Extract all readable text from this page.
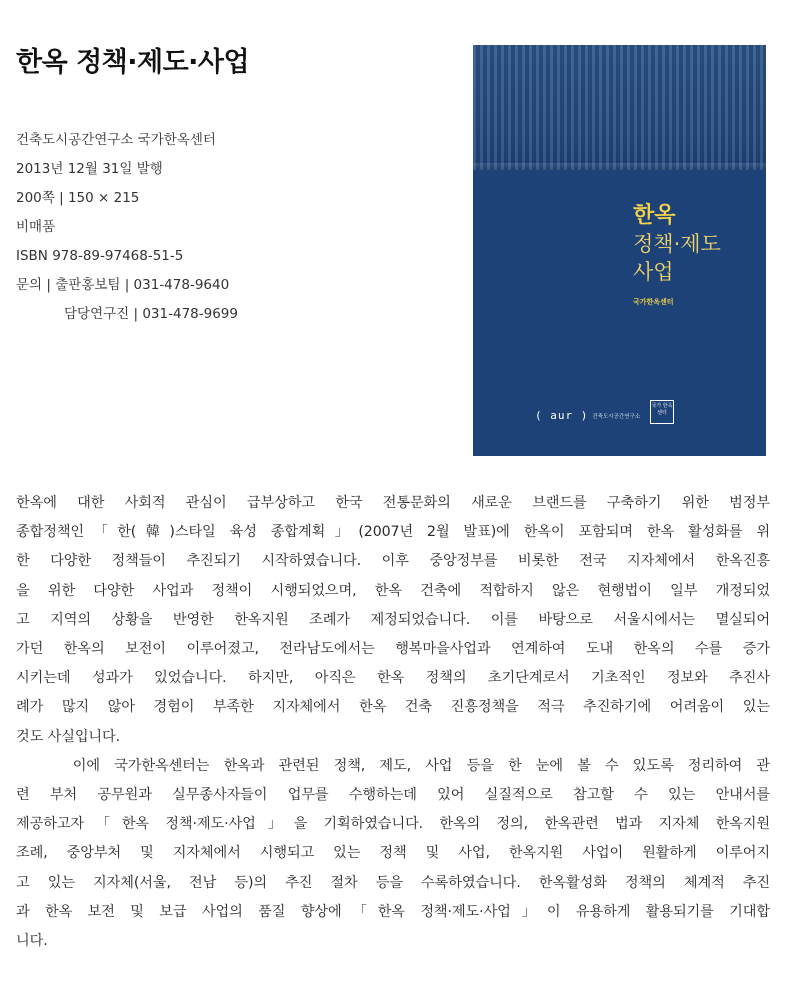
한옥 정책·제도·사업
건축도시공간연구소 국가한옥센터
2013년 12월 31일 발행
200쪽 | 150 × 215
비매품
ISBN 978-89-97468-51-5
문의 | 출판홍보팀 | 031-478-9640
담당연구진 | 031-478-9699
한옥
정책·제도
사업
국가한옥센터
( aur ) 건축도시공간연구소
국가 한옥 센터
한옥에 대한 사회적 관심이 급부상하고 한국 전통문화의 새로운 브랜드를 구축하기 위한 범정부
종합정책인「한(韓)스타일 육성 종합계획」(2007년 2월 발표)에 한옥이 포함되며 한옥 활성화를 위
한 다양한 정책들이 추진되기 시작하였습니다. 이후 중앙정부를 비롯한 전국 지자체에서 한옥진흥
을 위한 다양한 사업과 정책이 시행되었으며, 한옥 건축에 적합하지 않은 현행법이 일부 개정되었
고 지역의 상황을 반영한 한옥지원 조례가 제정되었습니다. 이를 바탕으로 서울시에서는 멸실되어
가던 한옥의 보전이 이루어졌고, 전라남도에서는 행복마을사업과 연계하여 도내 한옥의 수를 증가
시키는데 성과가 있었습니다. 하지만, 아직은 한옥 정책의 초기단계로서 기초적인 정보와 추진사
례가 많지 않아 경험이 부족한 지자체에서 한옥 건축 진흥정책을 적극 추진하기에 어려움이 있는
것도 사실입니다.
이에 국가한옥센터는 한옥과 관련된 정책, 제도, 사업 등을 한 눈에 볼 수 있도록 정리하여 관
련 부처 공무원과 실무종사자들이 업무를 수행하는데 있어 실질적으로 참고할 수 있는 안내서를
제공하고자「한옥 정책·제도·사업」을 기획하였습니다. 한옥의 정의, 한옥관련 법과 지자체 한옥지원
조례, 중앙부처 및 지자체에서 시행되고 있는 정책 및 사업, 한옥지원 사업이 원활하게 이루어지
고 있는 지자체(서울, 전남 등)의 추진 절차 등을 수록하였습니다. 한옥활성화 정책의 체계적 추진
과 한옥 보전 및 보급 사업의 품질 향상에「한옥 정책·제도·사업」이 유용하게 활용되기를 기대합
니다.
